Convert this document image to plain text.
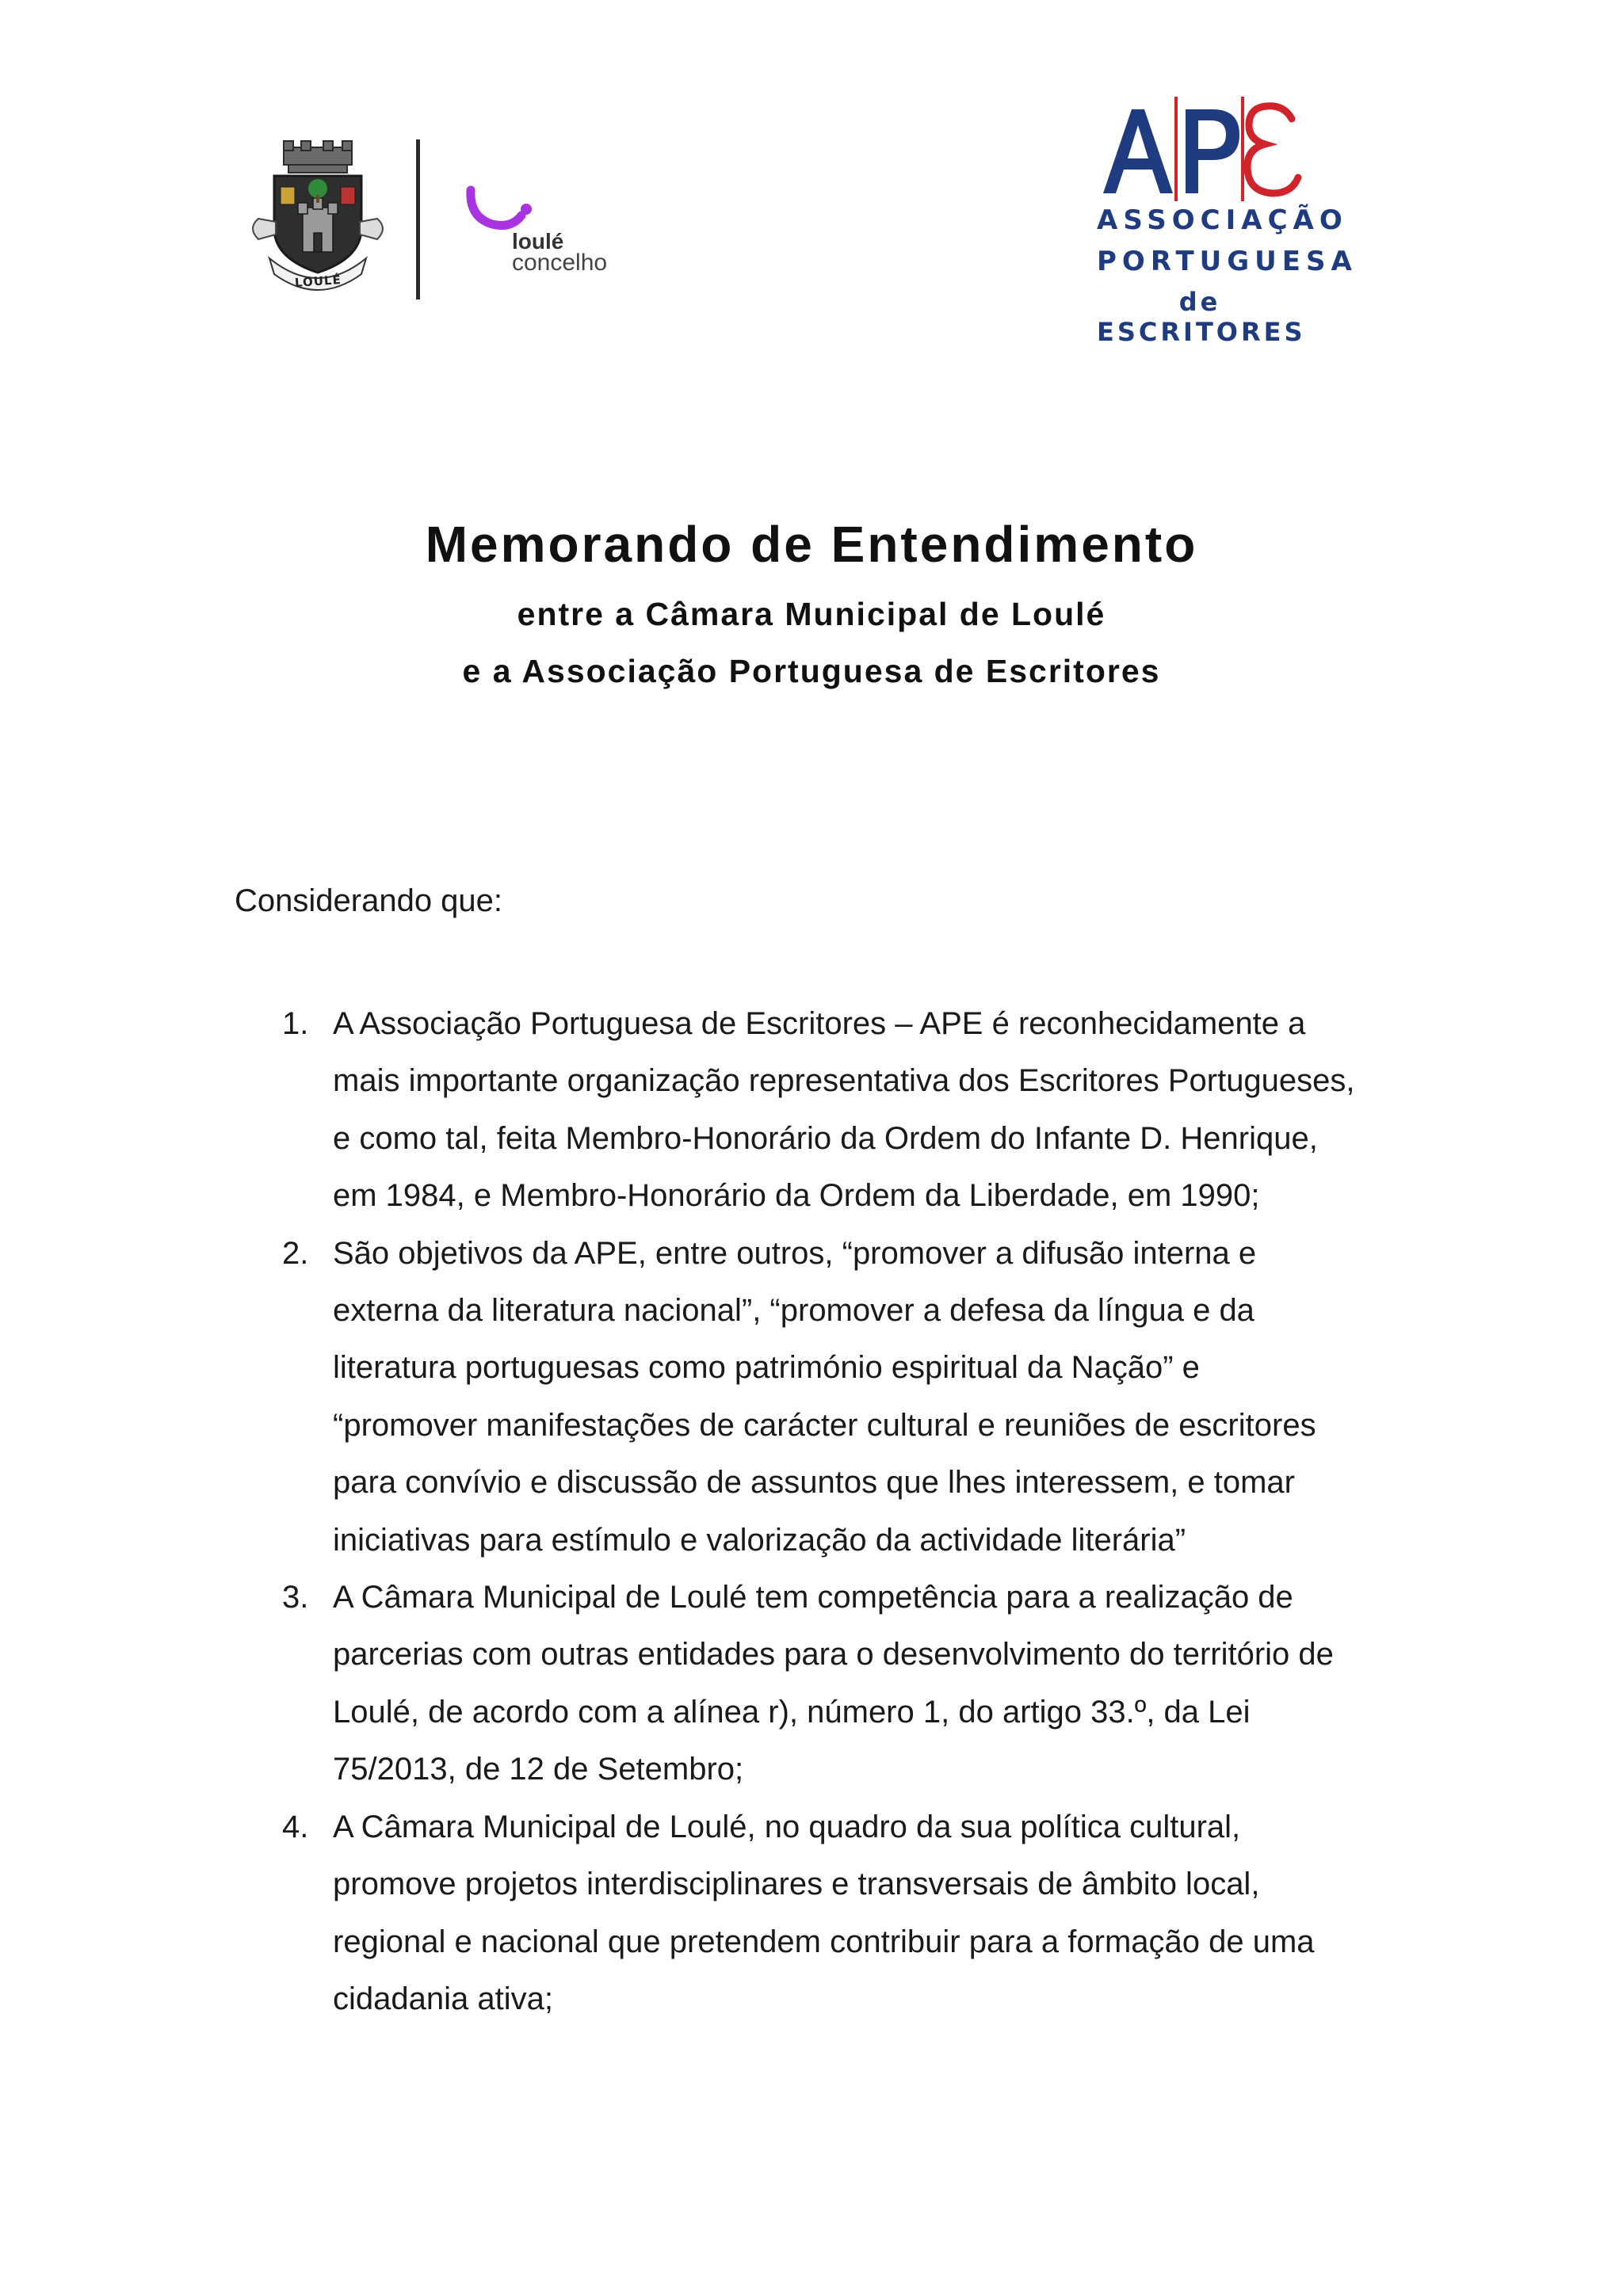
LOULÉ
loulé
concelho
ASSOCIAÇÃO
PORTUGUESA
de ESCRITORES
Memorando de Entendimento
entre a Câmara Municipal de Loulé
e a Associação Portuguesa de Escritores
Considerando que:
1. A Associação Portuguesa de Escritores – APE é reconhecidamente a
mais importante organização representativa dos Escritores Portugueses,
e como tal, feita Membro-Honorário da Ordem do Infante D. Henrique,
em 1984, e Membro-Honorário da Ordem da Liberdade, em 1990;
2. São objetivos da APE, entre outros, “promover a difusão interna e
externa da literatura nacional”, “promover a defesa da língua e da
literatura portuguesas como património espiritual da Nação” e
“promover manifestações de carácter cultural e reuniões de escritores
para convívio e discussão de assuntos que lhes interessem, e tomar
iniciativas para estímulo e valorização da actividade literária”
3. A Câmara Municipal de Loulé tem competência para a realização de
parcerias com outras entidades para o desenvolvimento do território de
Loulé, de acordo com a alínea r), número 1, do artigo 33.º, da Lei
75/2013, de 12 de Setembro;
4. A Câmara Municipal de Loulé, no quadro da sua política cultural,
promove projetos interdisciplinares e transversais de âmbito local,
regional e nacional que pretendem contribuir para a formação de uma
cidadania ativa;
